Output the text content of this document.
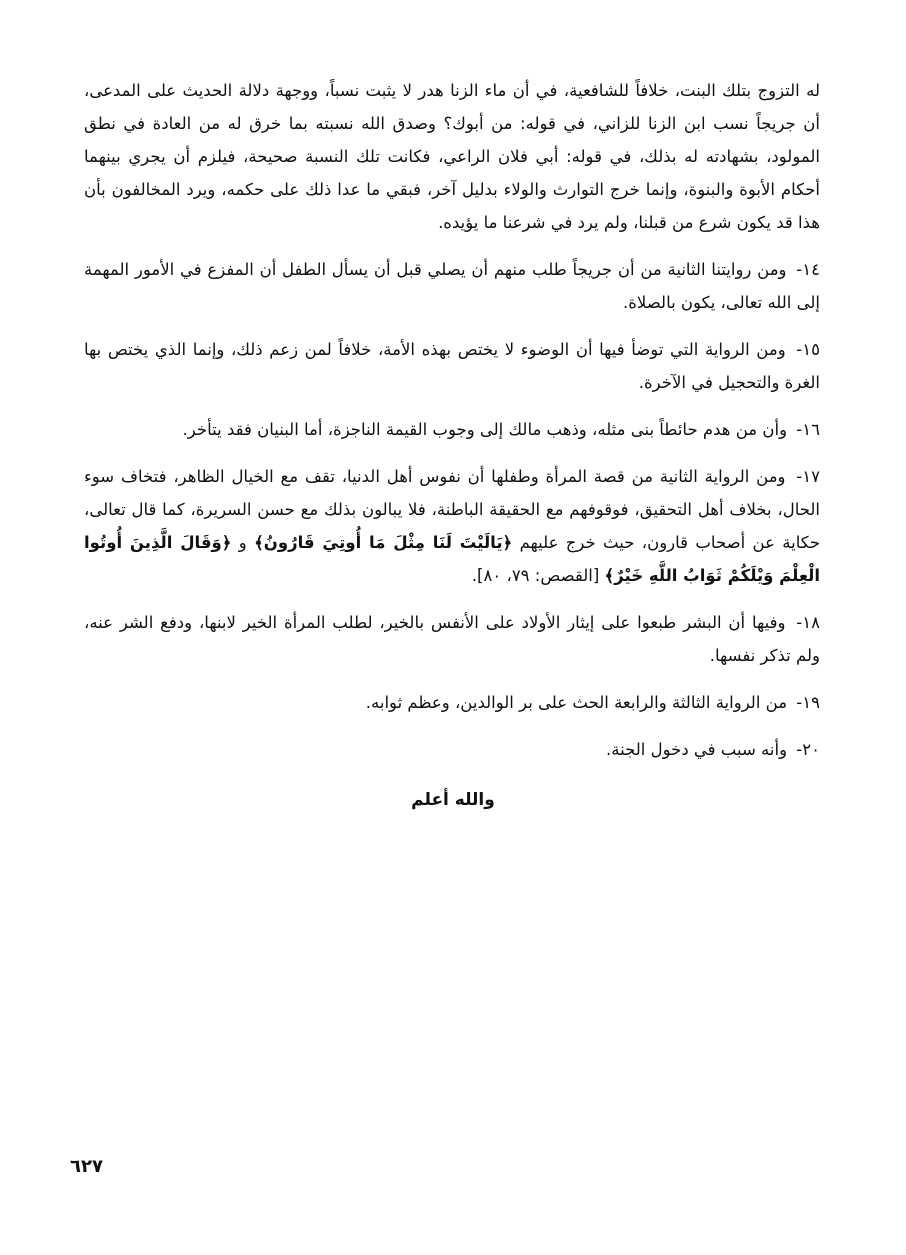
له التزوج بتلك البنت، خلافاً للشافعية، في أن ماء الزنا هدر لا يثبت نسباً، ووجهة دلالة الحديث على المدعى، أن جريجاً نسب ابن الزنا للزاني، في قوله: من أبوك؟ وصدق الله نسبته بما خرق له من العادة في نطق المولود، بشهادته له بذلك، في قوله: أبي فلان الراعي، فكانت تلك النسبة صحيحة، فيلزم أن يجري بينهما أحكام الأبوة والبنوة، وإنما خرج التوارث والولاء بدليل آخر، فبقي ما عدا ذلك على حكمه، ويرد المخالفون بأن هذا قد يكون شرع من قبلنا، ولم يرد في شرعنا ما يؤيده.

١٤- ومن روايتنا الثانية من أن جريجاً طلب منهم أن يصلي قبل أن يسأل الطفل أن المفزع في الأمور المهمة إلى الله تعالى، يكون بالصلاة.

١٥- ومن الرواية التي توضأ فيها أن الوضوء لا يختص بهذه الأمة، خلافاً لمن زعم ذلك، وإنما الذي يختص بها الغرة والتحجيل في الآخرة.

١٦- وأن من هدم حائطاً بنى مثله، وذهب مالك إلى وجوب القيمة الناجزة، أما البنيان فقد يتأخر.

١٧- ومن الرواية الثانية من قصة المرأة وطفلها أن نفوس أهل الدنيا، تقف مع الخيال الظاهر، فتخاف سوء الحال، بخلاف أهل التحقيق، فوقوفهم مع الحقيقة الباطنة، فلا يبالون بذلك مع حسن السريرة، كما قال تعالى، حكاية عن أصحاب قارون، حيث خرج عليهم ﴿يَالَيْتَ لَنَا مِثْلَ مَا أُوتِيَ قَارُونُ﴾ و ﴿وَقَالَ الَّذِينَ أُوتُوا الْعِلْمَ وَيْلَكُمْ ثَوَابُ اللَّهِ خَيْرٌ﴾ [القصص: ٧٩، ٨٠].

١٨- وفيها أن البشر طبعوا على إيثار الأولاد على الأنفس بالخير، لطلب المرأة الخير لابنها، ودفع الشر عنه، ولم تذكر نفسها.

١٩- من الرواية الثالثة والرابعة الحث على بر الوالدين، وعظم ثوابه.

٢٠- وأنه سبب في دخول الجنة.

والله أعلم
٦٢٧
